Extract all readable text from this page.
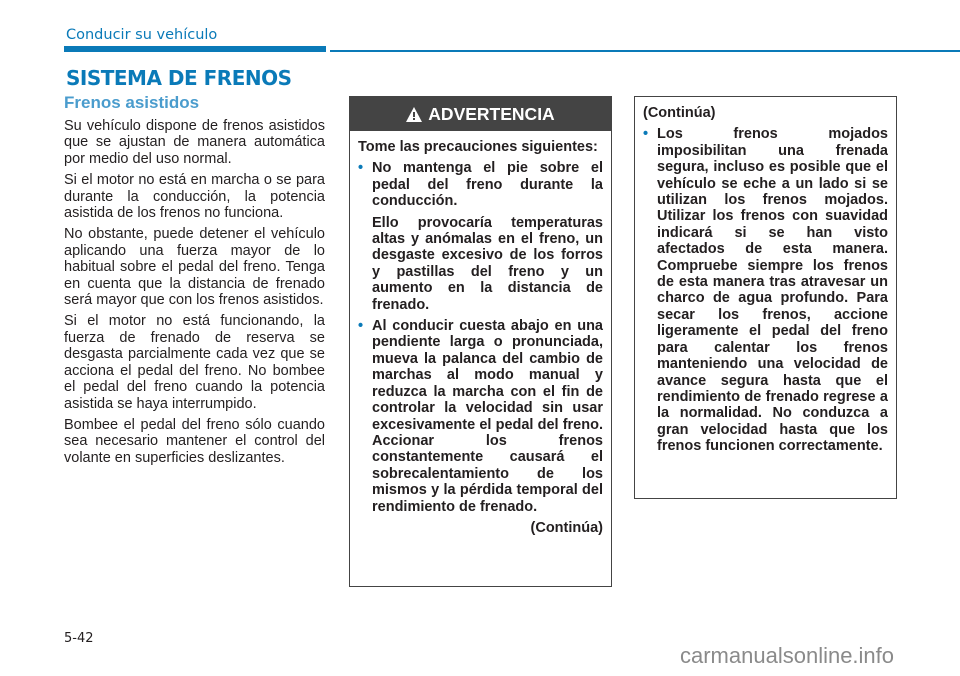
Conducir su vehículo
SISTEMA DE FRENOS
Frenos asistidos

Su vehículo dispone de frenos asistidos que se ajustan de manera automática por medio del uso normal.

Si el motor no está en marcha o se para durante la conducción, la potencia asistida de los frenos no funciona.

No obstante, puede detener el vehículo aplicando una fuerza mayor de lo habitual sobre el pedal del freno. Tenga en cuenta que la distancia de frenado será mayor que con los frenos asistidos.

Si el motor no está funcionando, la fuerza de frenado de reserva se desgasta parcialmente cada vez que se acciona el pedal del freno. No bombee el pedal del freno cuando la potencia asistida se haya interrumpido.

Bombee el pedal del freno sólo cuando sea necesario mantener el control del volante en superficies deslizantes.

ADVERTENCIA

Tome las precauciones siguientes:

• No mantenga el pie sobre el pedal del freno durante la conducción.

Ello provocaría temperaturas altas y anómalas en el freno, un desgaste excesivo de los forros y pastillas del freno y un aumento en la distancia de frenado.

• Al conducir cuesta abajo en una pendiente larga o pronunciada, mueva la palanca del cambio de marchas al modo manual y reduzca la marcha con el fin de controlar la velocidad sin usar excesivamente el pedal del freno. Accionar los frenos constantemente causará el sobrecalentamiento de los mismos y la pérdida temporal del rendimiento de frenado.

(Continúa)

(Continúa)

• Los frenos mojados imposibilitan una frenada segura, incluso es posible que el vehículo se eche a un lado si se utilizan los frenos mojados. Utilizar los frenos con suavidad indicará si se han visto afectados de esta manera. Compruebe siempre los frenos de esta manera tras atravesar un charco de agua profundo. Para secar los frenos, accione ligeramente el pedal del freno para calentar los frenos manteniendo una velocidad de avance segura hasta que el rendimiento de frenado regrese a la normalidad. No conduzca a gran velocidad hasta que los frenos funcionen correctamente.

5-42
carmanualsonline.info
